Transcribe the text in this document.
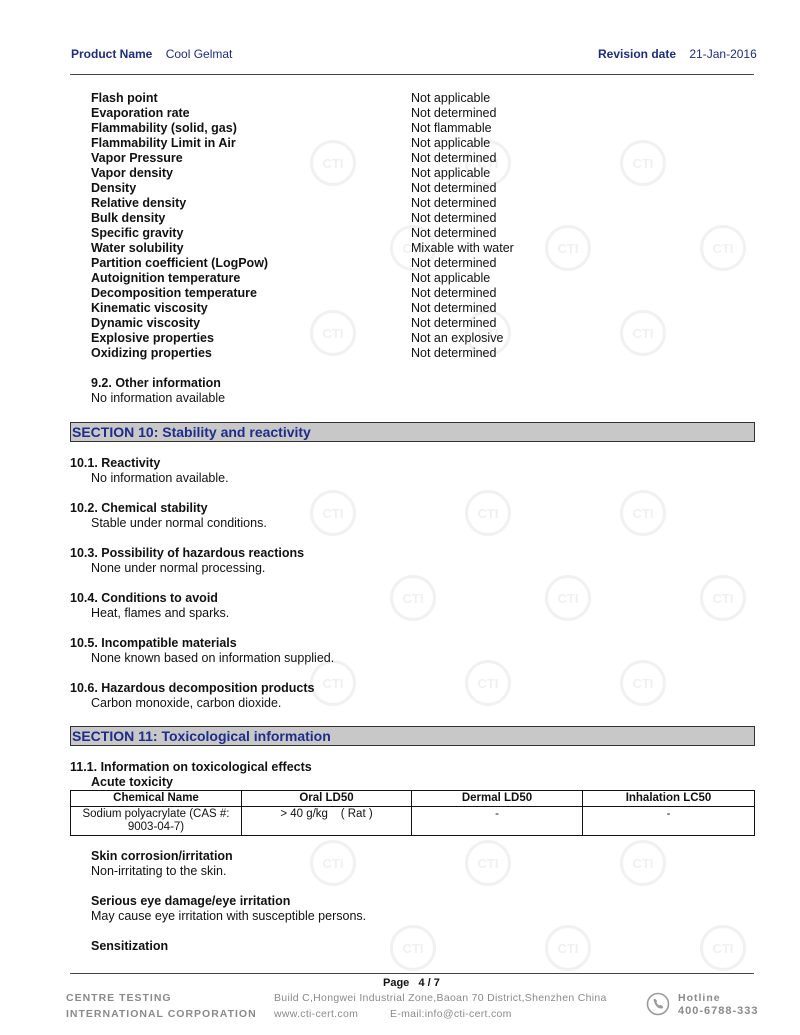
CTI
CTI
CTI
CTI
CTI
CTI
CTI
CTI
CTI
CTI
CTI
CTI
CTI
CTI
CTI
CTI
CTI
CTI
CTI
CTI
CTI
CTI
CTI
CTI
Product Name Cool Gelmat	Revision date 21-Jan-2016
Flash point	Not applicable
Evaporation rate	Not determined
Flammability (solid, gas)	Not flammable
Flammability Limit in Air	Not applicable
Vapor Pressure	Not determined
Vapor density	Not applicable
Density	Not determined
Relative density	Not determined
Bulk density	Not determined
Specific gravity	Not determined
Water solubility	Mixable with water
Partition coefficient (LogPow)	Not determined
Autoignition temperature	Not applicable
Decomposition temperature	Not determined
Kinematic viscosity	Not determined
Dynamic viscosity	Not determined
Explosive properties	Not an explosive
Oxidizing properties	Not determined
9.2. Other information
No information available
SECTION 10: Stability and reactivity
10.1. Reactivity
No information available.
10.2. Chemical stability
Stable under normal conditions.
10.3. Possibility of hazardous reactions
None under normal processing.
10.4. Conditions to avoid
Heat, flames and sparks.
10.5. Incompatible materials
None known based on information supplied.
10.6. Hazardous decomposition products
Carbon monoxide, carbon dioxide.
SECTION 11: Toxicological information
11.1. Information on toxicological effects
Acute toxicity
Chemical Name	Oral LD50	Dermal LD50	Inhalation LC50
Sodium polyacrylate (CAS #: 9003-04-7)	> 40 g/kg    ( Rat )	-	-
Skin corrosion/irritation
Non-irritating to the skin.
Serious eye damage/eye irritation
May cause eye irritation with susceptible persons.
Sensitization
Page   4 / 7
CENTRE TESTING
INTERNATIONAL CORPORATION
Build C,Hongwei Industrial Zone,Baoan 70 District,Shenzhen China
www.cti-cert.com	E-mail:info@cti-cert.com
Hotline
400-6788-333
